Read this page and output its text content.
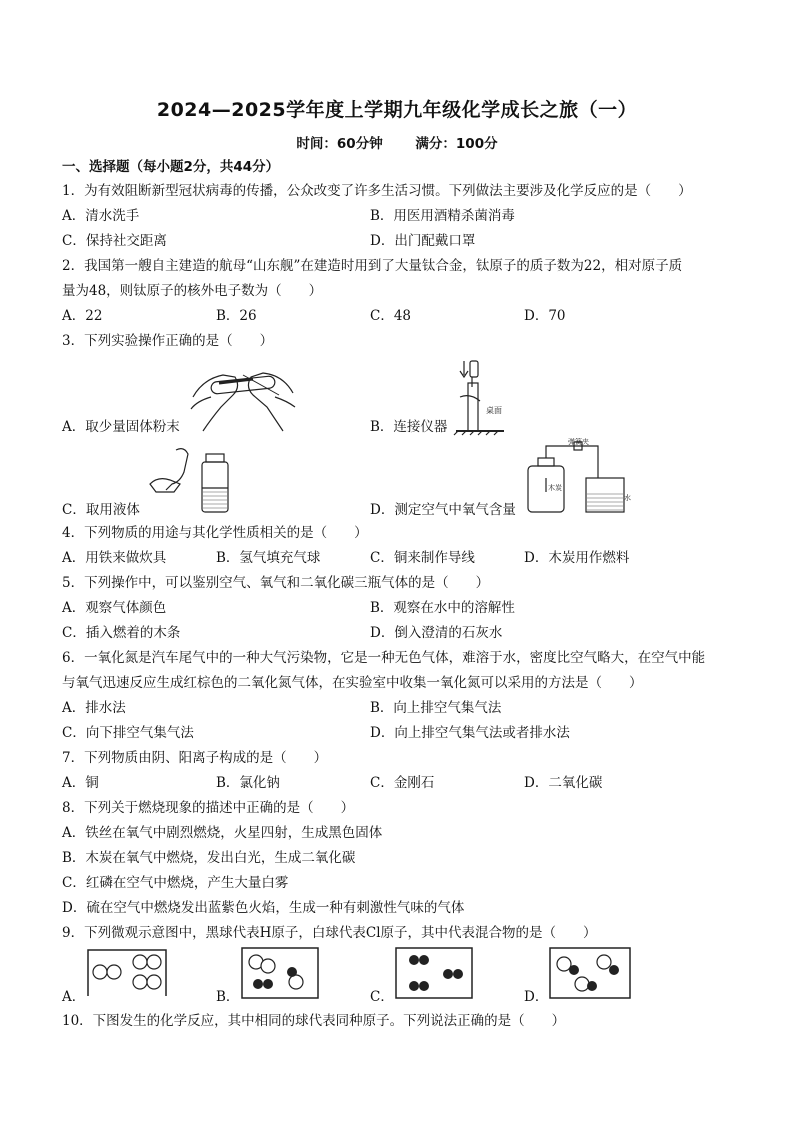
2024—2025学年度上学期九年级化学成长之旅（一）
时间：60分钟 满分：100分
一、选择题（每小题2分，共44分）
1．为有效阻断新型冠状病毒的传播，公众改变了许多生活习惯。下列做法主要涉及化学反应的是（　　）
A．清水洗手	B．用医用酒精杀菌消毒
C．保持社交距离	D．出门配戴口罩
2．我国第一艘自主建造的航母“山东舰”在建造时用到了大量钛合金，钛原子的质子数为22，相对原子质
量为48，则钛原子的核外电子数为（　　）
A．22	B．26	C．48	D．70
3．下列实验操作正确的是（　　）
A．取少量固体粉末
桌面
B．连接仪器
C．取用液体
弹簧夹
木炭
水
D．测定空气中氧气含量
4．下列物质的用途与其化学性质相关的是（　　）
A．用铁来做炊具	B．氢气填充气球	C．铜来制作导线	D．木炭用作燃料
5．下列操作中，可以鉴别空气、氧气和二氧化碳三瓶气体的是（　　）
A．观察气体颜色	B．观察在水中的溶解性
C．插入燃着的木条	D．倒入澄清的石灰水
6．一氧化氮是汽车尾气中的一种大气污染物，它是一种无色气体，难溶于水，密度比空气略大，在空气中能
与氧气迅速反应生成红棕色的二氧化氮气体，在实验室中收集一氧化氮可以采用的方法是（　　）
A．排水法	B．向上排空气集气法
C．向下排空气集气法	D．向上排空气集气法或者排水法
7．下列物质由阴、阳离子构成的是（　　）
A．铜	B．氯化钠	C．金刚石	D．二氧化碳
8．下列关于燃烧现象的描述中正确的是（　　）
A．铁丝在氧气中剧烈燃烧，火星四射，生成黑色固体
B．木炭在氧气中燃烧，发出白光，生成二氧化碳
C．红磷在空气中燃烧，产生大量白雾
D．硫在空气中燃烧发出蓝紫色火焰，生成一种有刺激性气味的气体
9．下列微观示意图中，黑球代表H原子，白球代表Cl原子，其中代表混合物的是（　　）
A．	B．	C．	D．
10．下图发生的化学反应，其中相同的球代表同种原子。下列说法正确的是（　　）
